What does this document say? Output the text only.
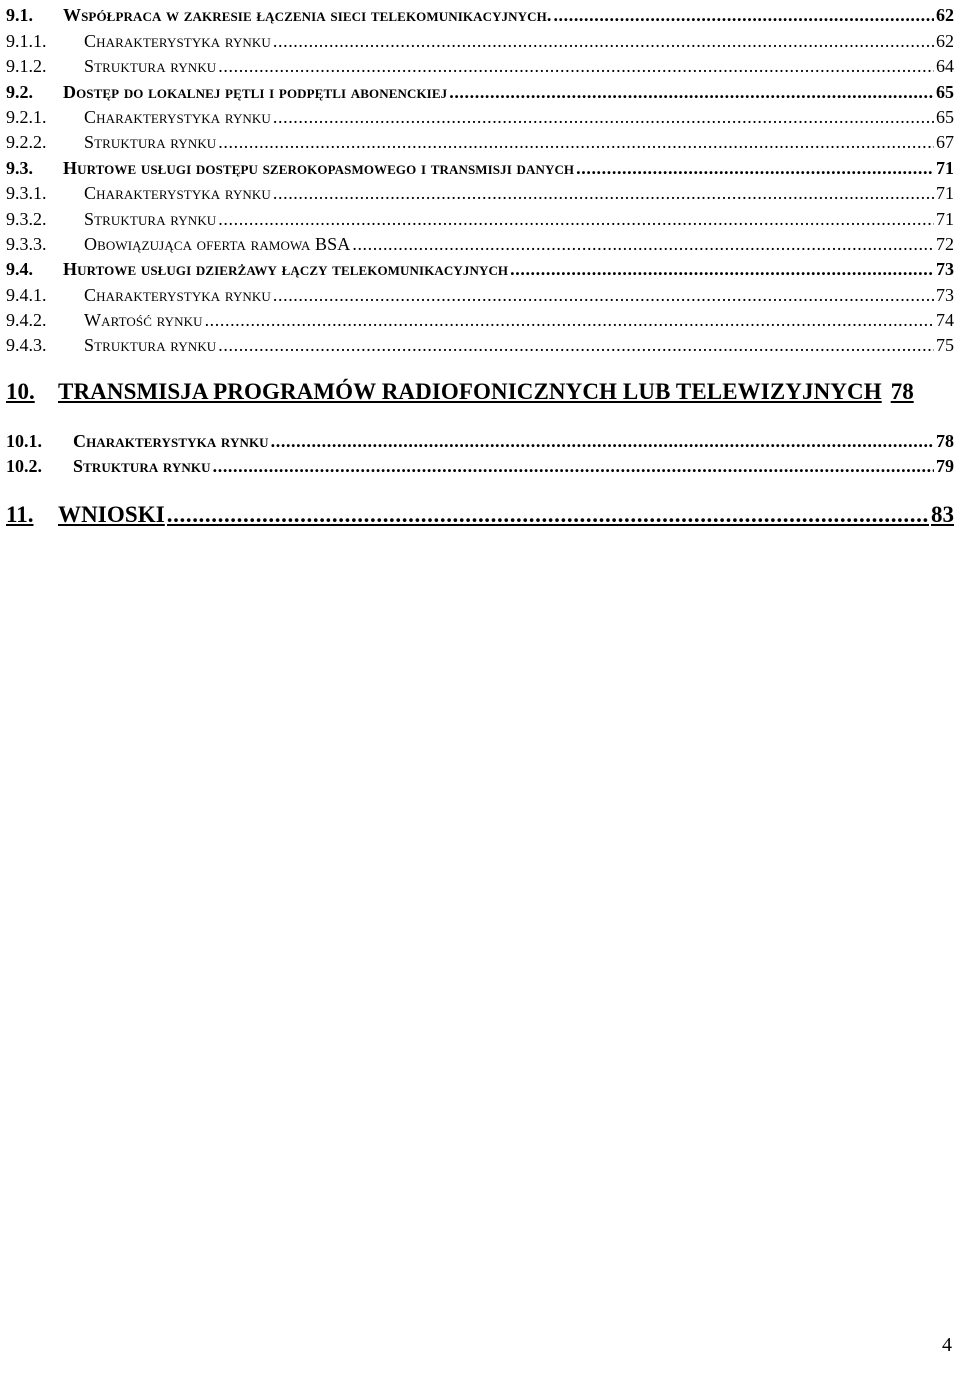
9.1.	Współpraca w zakresie łączenia sieci telekomunikacyjnych. .....	62
9.1.1.	Charakterystyka rynku .....	62
9.1.2.	Struktura rynku .....	64
9.2.	Dostęp do lokalnej pętli i podpętli abonenckiej .....	65
9.2.1.	Charakterystyka rynku .....	65
9.2.2.	Struktura rynku .....	67
9.3.	Hurtowe usługi dostępu szerokopasmowego i transmisji danych .....	71
9.3.1.	Charakterystyka rynku .....	71
9.3.2.	Struktura rynku .....	71
9.3.3.	Obowiązująca oferta ramowa BSA .....	72
9.4.	Hurtowe usługi dzierżawy łączy telekomunikacyjnych .....	73
9.4.1.	Charakterystyka rynku .....	73
9.4.2.	Wartość rynku .....	74
9.4.3.	Struktura rynku .....	75
10.	TRANSMISJA PROGRAMÓW RADIOFONICZNYCH LUB TELEWIZYJNYCH 78
10.1.	Charakterystyka rynku .....	78
10.2.	Struktura rynku .....	79
11.	WNIOSKI .....	83
4
